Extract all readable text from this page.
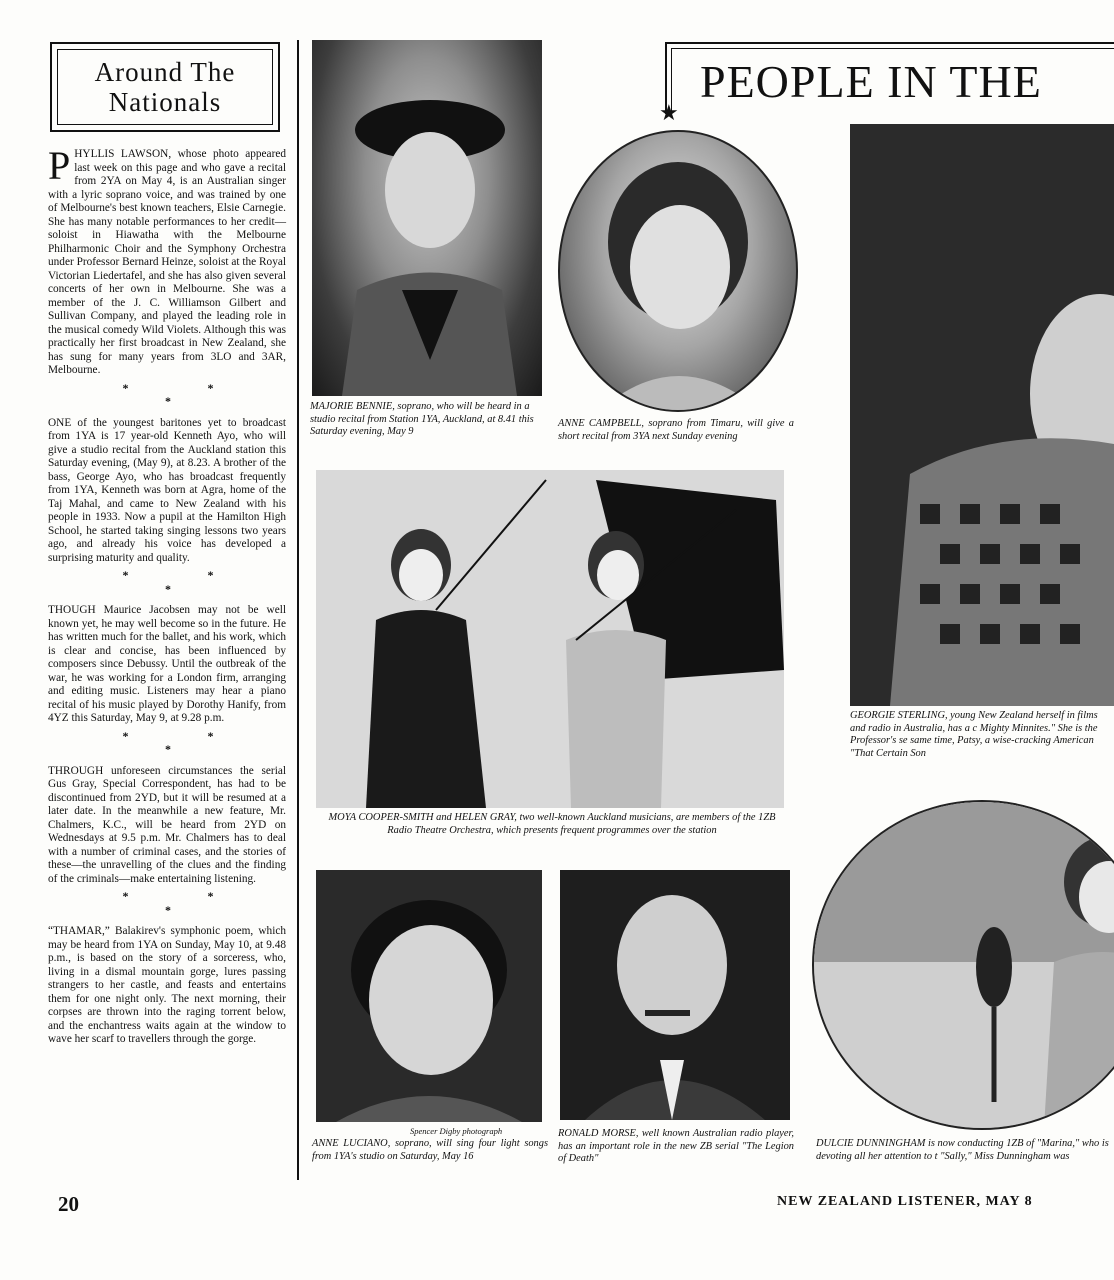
Around The
Nationals

PHYLLIS LAWSON, whose photo appeared last week on this page and who gave a recital from 2YA on May 4, is an Australian singer with a lyric soprano voice, and was trained by one of Melbourne's best known teachers, Elsie Carnegie. She has many notable performances to her credit—soloist in Hiawatha with the Melbourne Philharmonic Choir and the Symphony Orchestra under Professor Bernard Heinze, soloist at the Royal Victorian Liedertafel, and she has also given several concerts of her own in Melbourne. She was a member of the J. C. Williamson Gilbert and Sullivan Company, and played the leading role in the musical comedy Wild Violets. Although this was practically her first broadcast in New Zealand, she has sung for many years from 3LO and 3AR, Melbourne.

* * *

ONE of the youngest baritones yet to broadcast from 1YA is 17 year-old Kenneth Ayo, who will give a studio recital from the Auckland station this Saturday evening, (May 9), at 8.23. A brother of the bass, George Ayo, who has broadcast frequently from 1YA, Kenneth was born at Agra, home of the Taj Mahal, and came to New Zealand with his people in 1933. Now a pupil at the Hamilton High School, he started taking singing lessons two years ago, and already his voice has developed a surprising maturity and quality.

* * *

THOUGH Maurice Jacobsen may not be well known yet, he may well become so in the future. He has written much for the ballet, and his work, which is clear and concise, has been influenced by composers since Debussy. Until the outbreak of the war, he was working for a London firm, arranging and editing music. Listeners may hear a piano recital of his music played by Dorothy Hanify, from 4YZ this Saturday, May 9, at 9.28 p.m.

* * *

THROUGH unforeseen circumstances the serial Gus Gray, Special Correspondent, has had to be discontinued from 2YD, but it will be resumed at a later date. In the meanwhile a new feature, Mr. Chalmers, K.C., will be heard from 2YD on Wednesdays at 9.5 p.m. Mr. Chalmers has to deal with a number of criminal cases, and the stories of these—the unravelling of the clues and the finding of the criminals—make entertaining listening.

* * *

“THAMAR,” Balakirev's symphonic poem, which may be heard from 1YA on Sunday, May 10, at 9.48 p.m., is based on the story of a sorceress, who, living in a dismal mountain gorge, lures passing strangers to her castle, and feasts and entertains them for one night only. The next morning, their corpses are thrown into the raging torrent below, and the enchantress waits again at the window to wave her scarf to travellers through the gorge.

PEOPLE IN THE
★
MAJORIE BENNIE, soprano, who will be heard in a studio recital from Station 1YA, Auckland, at 8.41 this Saturday evening, May 9
ANNE CAMPBELL, soprano from Timaru, will give a short recital from 3YA next Sunday evening
GEORGIE STERLING, young New Zealand herself in films and radio in Australia, has a c Mighty Minnites." She is the Professor's se same time, Patsy, a wise-cracking American "That Certain Son
MOYA COOPER-SMITH and HELEN GRAY, two well-known Auckland musicians, are members of the 1ZB Radio Theatre Orchestra, which presents frequent programmes over the station
Spencer Digby photograph
ANNE LUCIANO, soprano, will sing four light songs from 1YA's studio on Saturday, May 16
RONALD MORSE, well known Australian radio player, has an important role in the new ZB serial "The Legion of Death"
DULCIE DUNNINGHAM is now conducting 1ZB of "Marina," who is devoting all her attention to t "Sally," Miss Dunningham was
20	NEW ZEALAND LISTENER, MAY 8
